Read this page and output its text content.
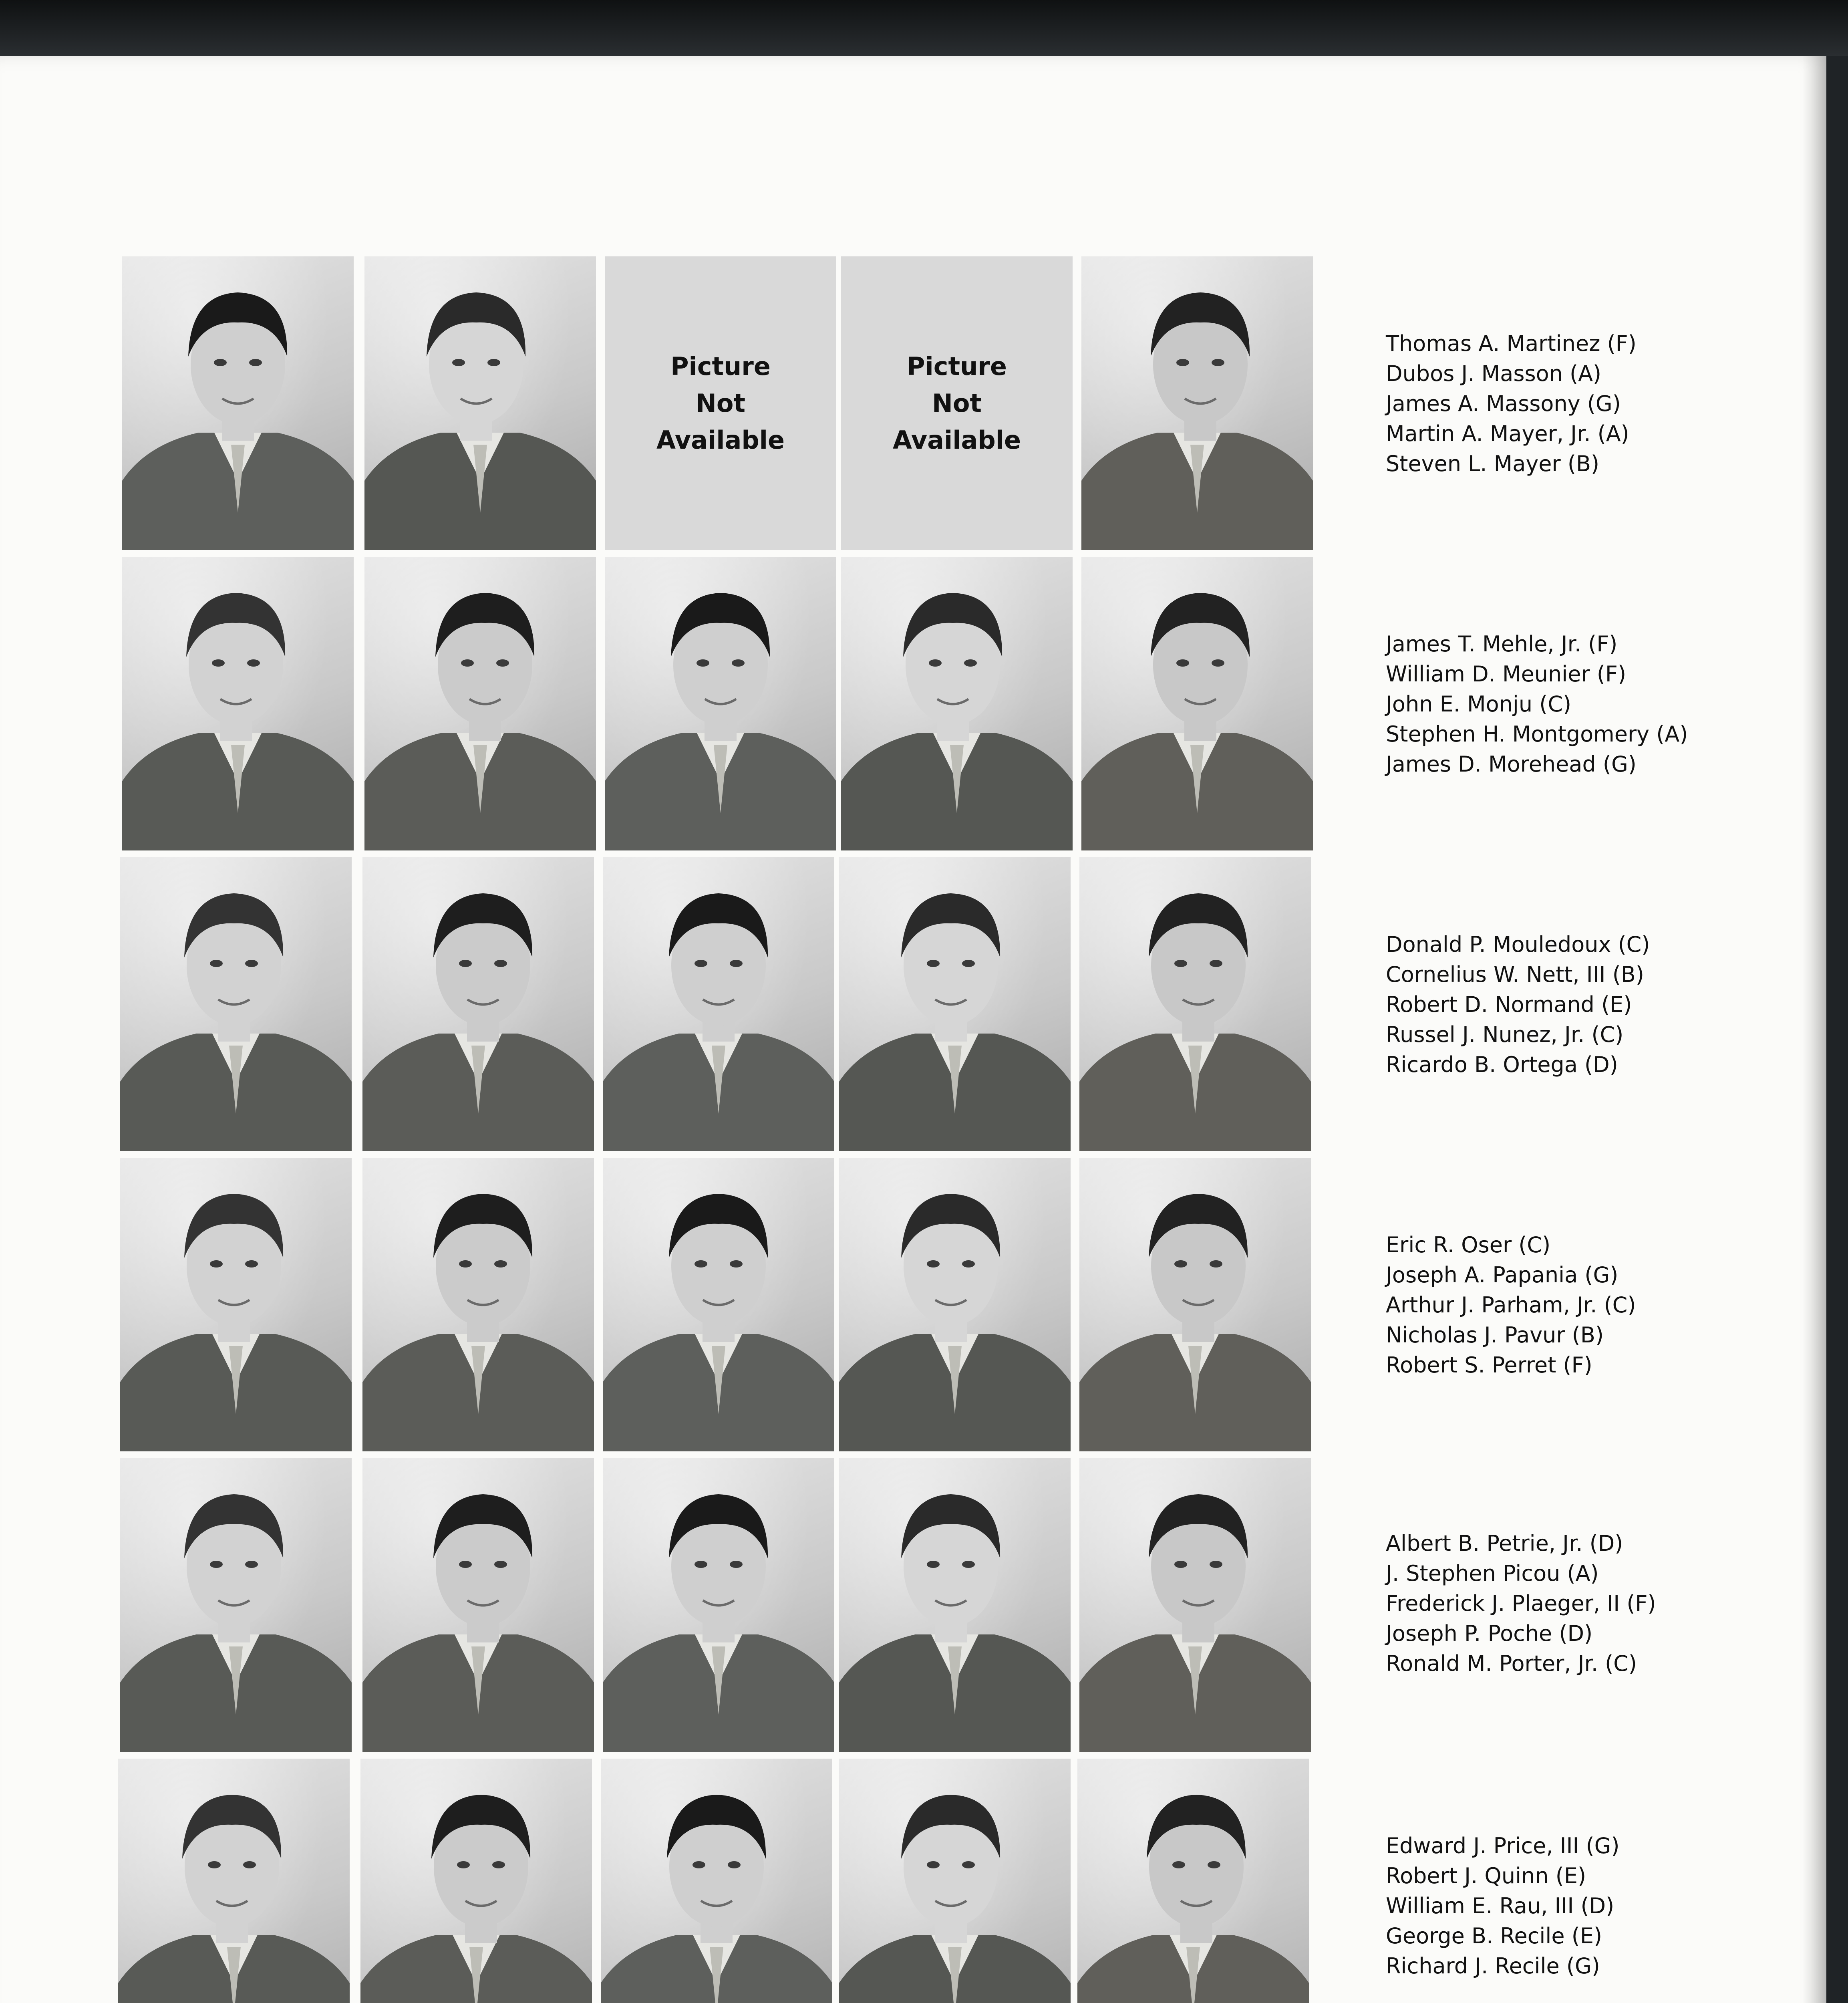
Picture
Not
Available
Picture
Not
Available
Thomas A. Martinez (F)
Dubos J. Masson (A)
James A. Massony (G)
Martin A. Mayer, Jr. (A)
Steven L. Mayer (B)
James T. Mehle, Jr. (F)
William D. Meunier (F)
John E. Monju (C)
Stephen H. Montgomery (A)
James D. Morehead (G)
Donald P. Mouledoux (C)
Cornelius W. Nett, III (B)
Robert D. Normand (E)
Russel J. Nunez, Jr. (C)
Ricardo B. Ortega (D)
Eric R. Oser (C)
Joseph A. Papania (G)
Arthur J. Parham, Jr. (C)
Nicholas J. Pavur (B)
Robert S. Perret (F)
Albert B. Petrie, Jr. (D)
J. Stephen Picou (A)
Frederick J. Plaeger, II (F)
Joseph P. Poche (D)
Ronald M. Porter, Jr. (C)
Edward J. Price, III (G)
Robert J. Quinn (E)
William E. Rau, III (D)
George B. Recile (E)
Richard J. Recile (G)
